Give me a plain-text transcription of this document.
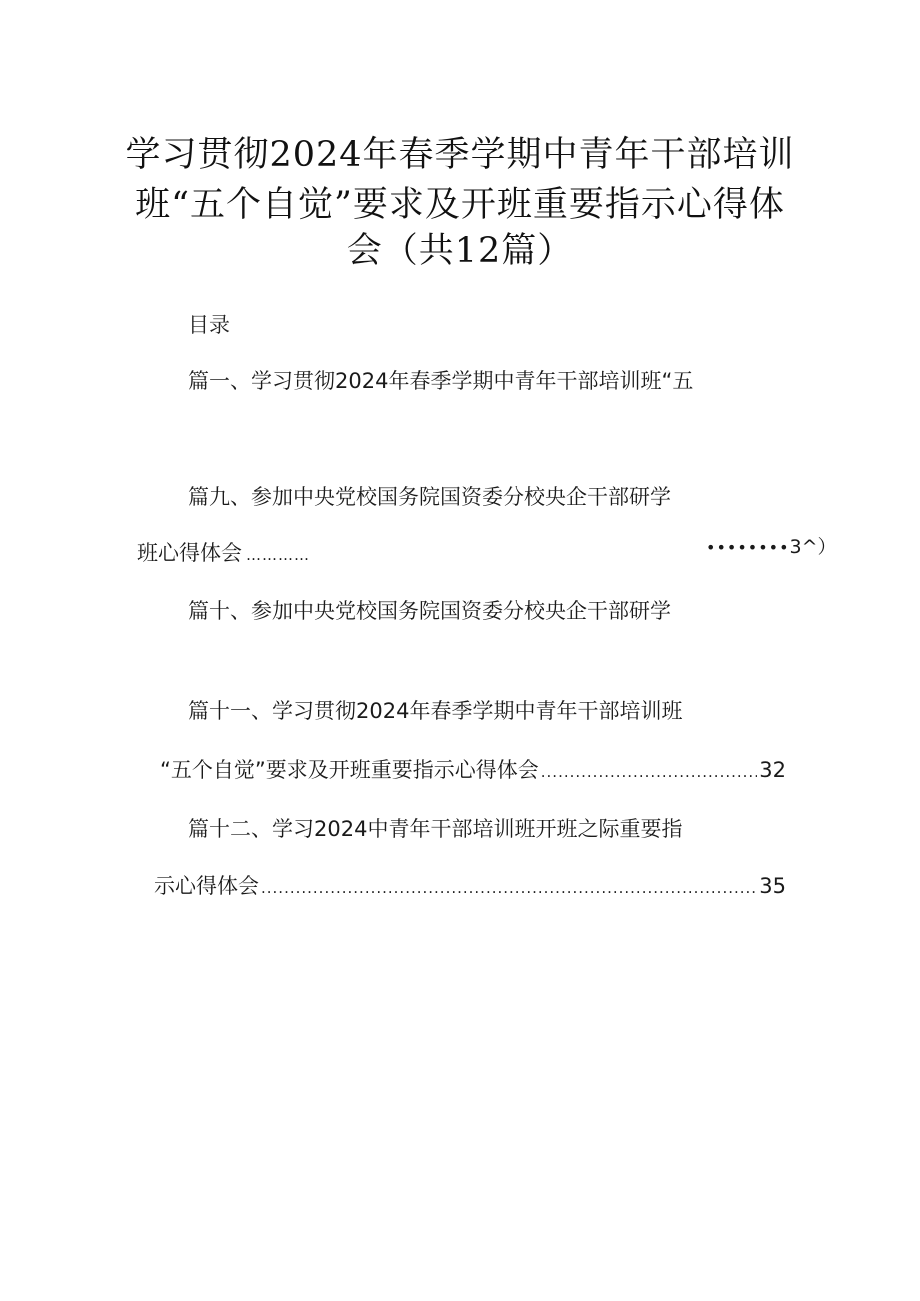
学习贯彻2024年春季学期中青年干部培训
班“五个自觉”要求及开班重要指示心得体
会（共12篇）
目录
篇一、学习贯彻2024年春季学期中青年干部培训班“五
篇九、参加中央党校国务院国资委分校央企干部研学
班心得体会 …………	••••••••3^）
篇十、参加中央党校国务院国资委分校央企干部研学
篇十一、学习贯彻2024年春季学期中青年干部培训班
“五个自觉”要求及开班重要指示心得体会 .....	32
篇十二、学习2024中青年干部培训班开班之际重要指
示心得体会 .....	35
